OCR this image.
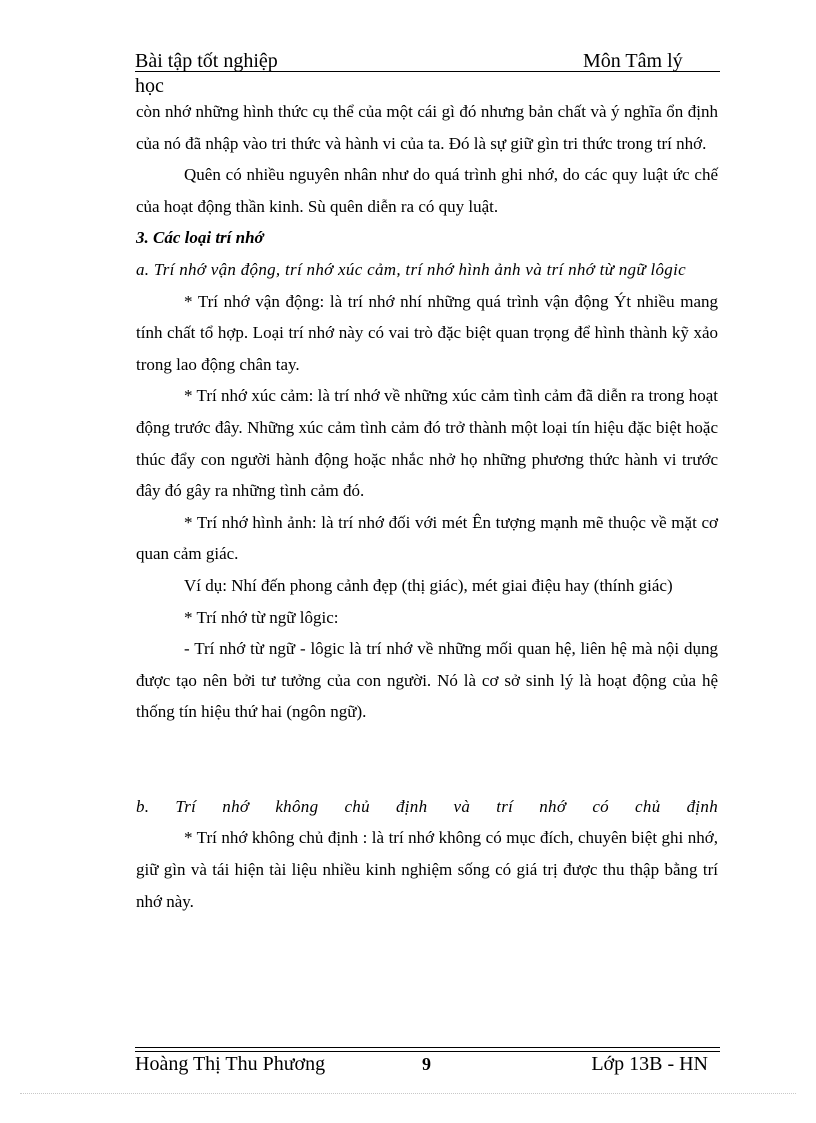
Bài tập tốt nghiệp	Môn Tâm lý
học

còn nhớ những hình thức cụ thể của một cái gì đó nhưng bản chất và ý nghĩa ổn định của nó đã nhập vào tri thức và hành vi của ta. Đó là sự giữ gìn tri thức trong trí nhớ.

Quên có nhiều nguyên nhân như do quá trình ghi nhớ, do các quy luật ức chế của hoạt động thần kinh. Sù quên diễn ra có quy luật.

3. Các loại trí nhớ

a. Trí nhớ vận động, trí nhớ xúc cảm, trí nhớ hình ảnh và trí nhớ từ ngữ lôgic

* Trí nhớ vận động: là trí nhớ nhí những quá trình vận động Ýt nhiều mang tính chất tổ hợp. Loại trí nhớ này có vai trò đặc biệt quan trọng để hình thành kỹ xảo trong lao động chân tay.

* Trí nhớ xúc cảm: là trí nhớ về những xúc cảm tình cảm đã diễn ra trong hoạt động trước đây. Những xúc cảm tình cảm đó trở thành một loại tín hiệu đặc biệt hoặc thúc đẩy con người hành động hoặc nhắc nhở họ những phương thức hành vi trước đây đó gây ra những tình cảm đó.

* Trí nhớ hình ảnh: là trí nhớ đối với mét Ên tượng mạnh mẽ thuộc về mặt cơ quan cảm giác.

Ví dụ: Nhí đến phong cảnh đẹp (thị giác), mét giai điệu hay (thính giác)

* Trí nhớ từ ngữ lôgic:

- Trí nhớ từ ngữ - lôgic là trí nhớ về những mối quan hệ, liên hệ mà nội dụng được tạo nên bởi tư tưởng của con người. Nó là cơ sở sinh lý là hoạt động của hệ thống tín hiệu thứ hai (ngôn ngữ).

b. Trí nhớ không chủ định và trí nhớ có chủ định

* Trí nhớ không chủ định : là trí nhớ không có mục đích, chuyên biệt ghi nhớ, giữ gìn và tái hiện tài liệu nhiều kinh nghiệm sống có giá trị được thu thập bằng trí nhớ này.

Hoàng Thị Thu Phương	9	Lớp 13B - HN
